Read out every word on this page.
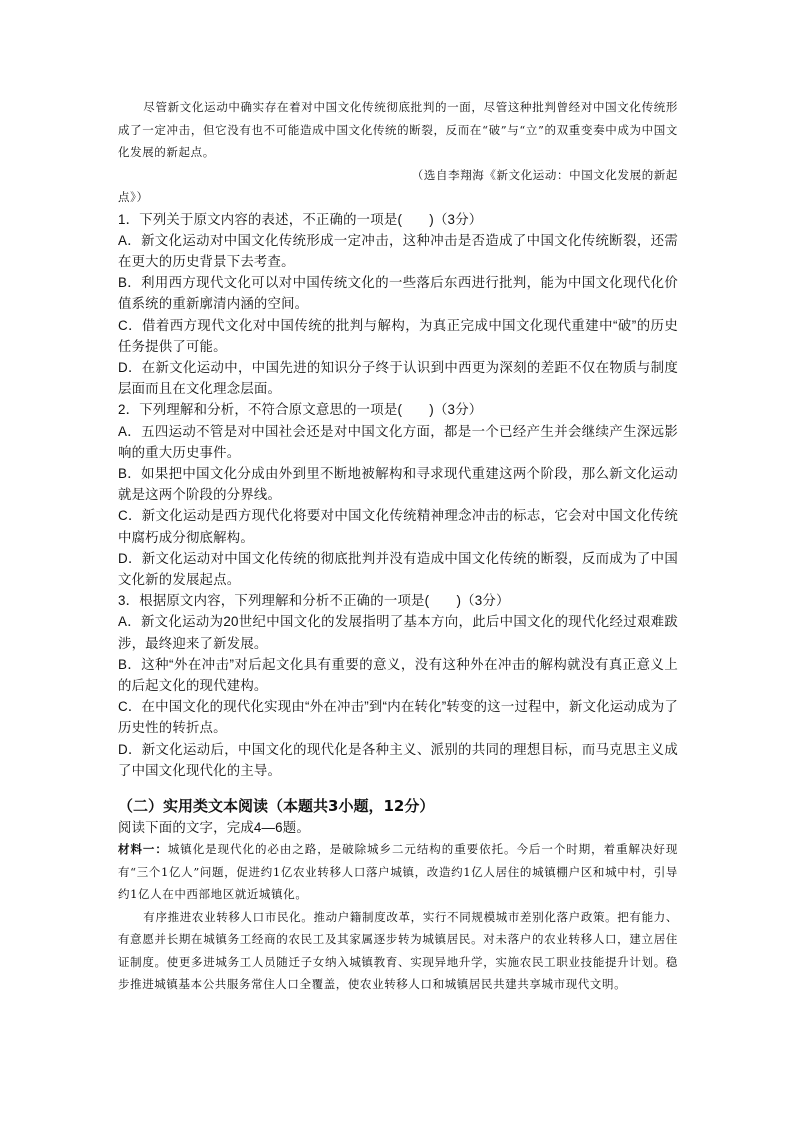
尽管新文化运动中确实存在着对中国文化传统彻底批判的一面，尽管这种批判曾经对中国文化传统形成了一定冲击，但它没有也不可能造成中国文化传统的断裂，反而在“破”与“立”的双重变奏中成为中国文化发展的新起点。

（选自李翔海《新文化运动：中国文化发展的新起

点》）

1．下列关于原文内容的表述，不正确的一项是(　　)（3分）

A．新文化运动对中国文化传统形成一定冲击，这种冲击是否造成了中国文化传统断裂，还需在更大的历史背景下去考查。

B．利用西方现代文化可以对中国传统文化的一些落后东西进行批判，能为中国文化现代化价值系统的重新廓清内涵的空间。

C．借着西方现代文化对中国传统的批判与解构，为真正完成中国文化现代重建中“破”的历史任务提供了可能。

D．在新文化运动中，中国先进的知识分子终于认识到中西更为深刻的差距不仅在物质与制度层面而且在文化理念层面。

2．下列理解和分析，不符合原文意思的一项是(　　)（3分）

A．五四运动不管是对中国社会还是对中国文化方面，都是一个已经产生并会继续产生深远影响的重大历史事件。

B．如果把中国文化分成由外到里不断地被解构和寻求现代重建这两个阶段，那么新文化运动就是这两个阶段的分界线。

C．新文化运动是西方现代化将要对中国文化传统精神理念冲击的标志，它会对中国文化传统中腐朽成分彻底解构。

D．新文化运动对中国文化传统的彻底批判并没有造成中国文化传统的断裂，反而成为了中国文化新的发展起点。

3．根据原文内容，下列理解和分析不正确的一项是(　　)（3分）

A．新文化运动为20世纪中国文化的发展指明了基本方向，此后中国文化的现代化经过艰难跋涉，最终迎来了新发展。

B．这种“外在冲击”对后起文化具有重要的意义，没有这种外在冲击的解构就没有真正意义上的后起文化的现代建构。

C．在中国文化的现代化实现由“外在冲击”到“内在转化”转变的这一过程中，新文化运动成为了历史性的转折点。

D．新文化运动后，中国文化的现代化是各种主义、派别的共同的理想目标，而马克思主义成了中国文化现代化的主导。

（二）实用类文本阅读（本题共3小题，12分）

阅读下面的文字，完成4—6题。

材料一：城镇化是现代化的必由之路，是破除城乡二元结构的重要依托。今后一个时期，着重解决好现有“三个1亿人”问题，促进约1亿农业转移人口落户城镇，改造约1亿人居住的城镇棚户区和城中村，引导约1亿人在中西部地区就近城镇化。

有序推进农业转移人口市民化。推动户籍制度改革，实行不同规模城市差别化落户政策。把有能力、有意愿并长期在城镇务工经商的农民工及其家属逐步转为城镇居民。对未落户的农业转移人口，建立居住证制度。使更多进城务工人员随迁子女纳入城镇教育、实现异地升学，实施农民工职业技能提升计划。稳步推进城镇基本公共服务常住人口全覆盖，使农业转移人口和城镇居民共建共享城市现代文明。
